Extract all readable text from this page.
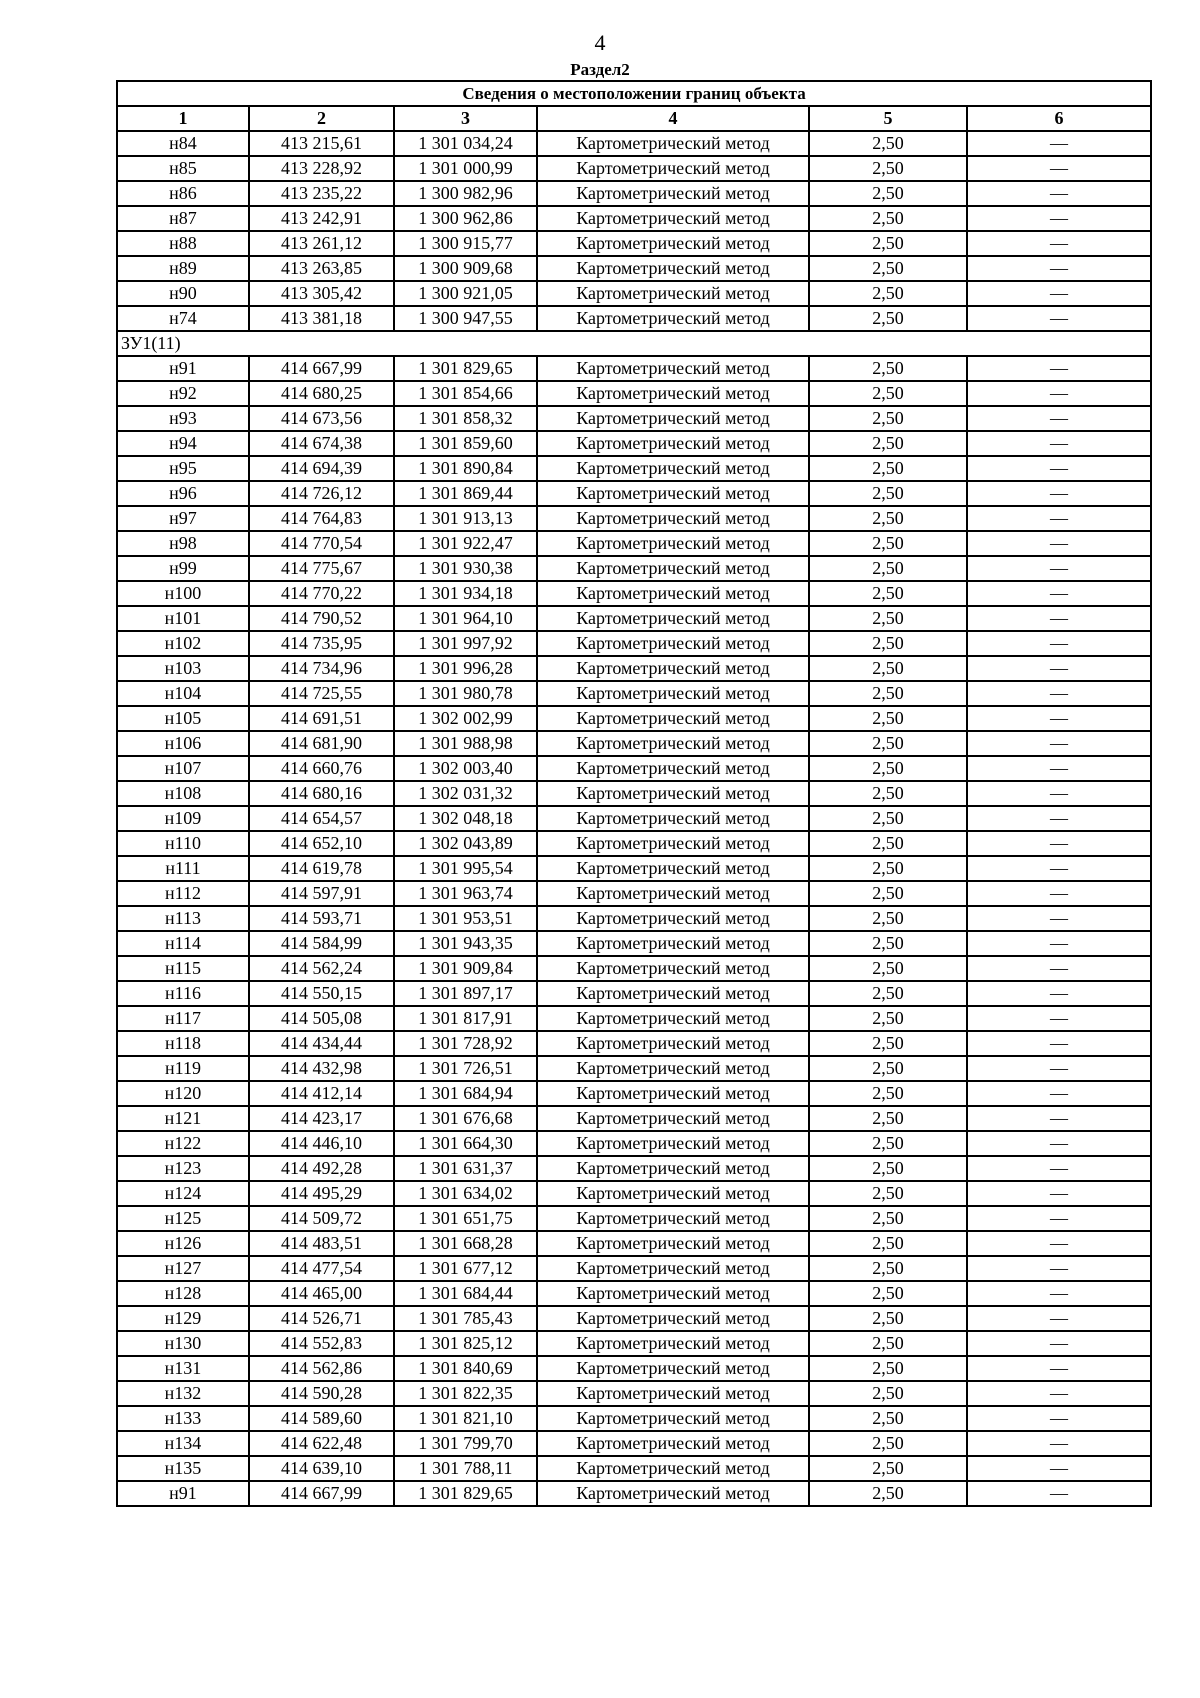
4
Раздел2
Сведения о местоположении границ объекта					
1	2	3	4	5	6
н84	413 215,61	1 301 034,24	Картометрический метод	2,50	—
н85	413 228,92	1 301 000,99	Картометрический метод	2,50	—
н86	413 235,22	1 300 982,96	Картометрический метод	2,50	—
н87	413 242,91	1 300 962,86	Картометрический метод	2,50	—
н88	413 261,12	1 300 915,77	Картометрический метод	2,50	—
н89	413 263,85	1 300 909,68	Картометрический метод	2,50	—
н90	413 305,42	1 300 921,05	Картометрический метод	2,50	—
н74	413 381,18	1 300 947,55	Картометрический метод	2,50	—
ЗУ1(11)					
н91	414 667,99	1 301 829,65	Картометрический метод	2,50	—
н92	414 680,25	1 301 854,66	Картометрический метод	2,50	—
н93	414 673,56	1 301 858,32	Картометрический метод	2,50	—
н94	414 674,38	1 301 859,60	Картометрический метод	2,50	—
н95	414 694,39	1 301 890,84	Картометрический метод	2,50	—
н96	414 726,12	1 301 869,44	Картометрический метод	2,50	—
н97	414 764,83	1 301 913,13	Картометрический метод	2,50	—
н98	414 770,54	1 301 922,47	Картометрический метод	2,50	—
н99	414 775,67	1 301 930,38	Картометрический метод	2,50	—
н100	414 770,22	1 301 934,18	Картометрический метод	2,50	—
н101	414 790,52	1 301 964,10	Картометрический метод	2,50	—
н102	414 735,95	1 301 997,92	Картометрический метод	2,50	—
н103	414 734,96	1 301 996,28	Картометрический метод	2,50	—
н104	414 725,55	1 301 980,78	Картометрический метод	2,50	—
н105	414 691,51	1 302 002,99	Картометрический метод	2,50	—
н106	414 681,90	1 301 988,98	Картометрический метод	2,50	—
н107	414 660,76	1 302 003,40	Картометрический метод	2,50	—
н108	414 680,16	1 302 031,32	Картометрический метод	2,50	—
н109	414 654,57	1 302 048,18	Картометрический метод	2,50	—
н110	414 652,10	1 302 043,89	Картометрический метод	2,50	—
н111	414 619,78	1 301 995,54	Картометрический метод	2,50	—
н112	414 597,91	1 301 963,74	Картометрический метод	2,50	—
н113	414 593,71	1 301 953,51	Картометрический метод	2,50	—
н114	414 584,99	1 301 943,35	Картометрический метод	2,50	—
н115	414 562,24	1 301 909,84	Картометрический метод	2,50	—
н116	414 550,15	1 301 897,17	Картометрический метод	2,50	—
н117	414 505,08	1 301 817,91	Картометрический метод	2,50	—
н118	414 434,44	1 301 728,92	Картометрический метод	2,50	—
н119	414 432,98	1 301 726,51	Картометрический метод	2,50	—
н120	414 412,14	1 301 684,94	Картометрический метод	2,50	—
н121	414 423,17	1 301 676,68	Картометрический метод	2,50	—
н122	414 446,10	1 301 664,30	Картометрический метод	2,50	—
н123	414 492,28	1 301 631,37	Картометрический метод	2,50	—
н124	414 495,29	1 301 634,02	Картометрический метод	2,50	—
н125	414 509,72	1 301 651,75	Картометрический метод	2,50	—
н126	414 483,51	1 301 668,28	Картометрический метод	2,50	—
н127	414 477,54	1 301 677,12	Картометрический метод	2,50	—
н128	414 465,00	1 301 684,44	Картометрический метод	2,50	—
н129	414 526,71	1 301 785,43	Картометрический метод	2,50	—
н130	414 552,83	1 301 825,12	Картометрический метод	2,50	—
н131	414 562,86	1 301 840,69	Картометрический метод	2,50	—
н132	414 590,28	1 301 822,35	Картометрический метод	2,50	—
н133	414 589,60	1 301 821,10	Картометрический метод	2,50	—
н134	414 622,48	1 301 799,70	Картометрический метод	2,50	—
н135	414 639,10	1 301 788,11	Картометрический метод	2,50	—
н91	414 667,99	1 301 829,65	Картометрический метод	2,50	—
